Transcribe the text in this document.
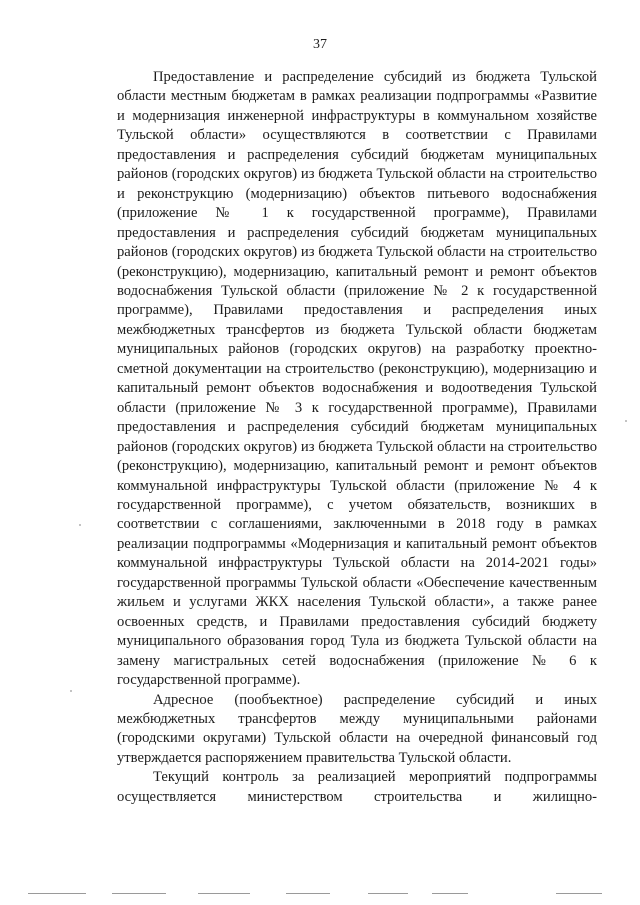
37

Предоставление и распределение субсидий из бюджета Тульской области местным бюджетам в рамках реализации подпрограммы «Развитие и модернизация инженерной инфраструктуры в коммунальном хозяйстве Тульской области» осуществляются в соответствии с Правилами предоставления и распределения субсидий бюджетам муниципальных районов (городских округов) из бюджета Тульской области на строительство и реконструкцию (модернизацию) объектов питьевого водоснабжения (приложение № 1 к государственной программе), Правилами предоставления и распределения субсидий бюджетам муниципальных районов (городских округов) из бюджета Тульской области на строительство (реконструкцию), модернизацию, капитальный ремонт и ремонт объектов водоснабжения Тульской области (приложение № 2 к государственной программе), Правилами предоставления и распределения иных межбюджетных трансфертов из бюджета Тульской области бюджетам муниципальных районов (городских округов) на разработку проектно-сметной документации на строительство (реконструкцию), модернизацию и капитальный ремонт объектов водоснабжения и водоотведения Тульской области (приложение № 3 к государственной программе), Правилами предоставления и распределения субсидий бюджетам муниципальных районов (городских округов) из бюджета Тульской области на строительство (реконструкцию), модернизацию, капитальный ремонт и ремонт объектов коммунальной инфраструктуры Тульской области (приложение № 4 к государственной программе), с учетом обязательств, возникших в соответствии с соглашениями, заключенными в 2018 году в рамках реализации подпрограммы «Модернизация и капитальный ремонт объектов коммунальной инфраструктуры Тульской области на 2014-2021 годы» государственной программы Тульской области «Обеспечение качественным жильем и услугами ЖКХ населения Тульской области», а также ранее освоенных средств, и Правилами предоставления субсидий бюджету муниципального образования город Тула из бюджета Тульской области на замену магистральных сетей водоснабжения (приложение № 6 к государственной программе).

Адресное (пообъектное) распределение субсидий и иных межбюджетных трансфертов между муниципальными районами (городскими округами) Тульской области на очередной финансовый год утверждается распоряжением правительства Тульской области.

Текущий контроль за реализацией мероприятий подпрограммы осуществляется министерством строительства и жилищно-
